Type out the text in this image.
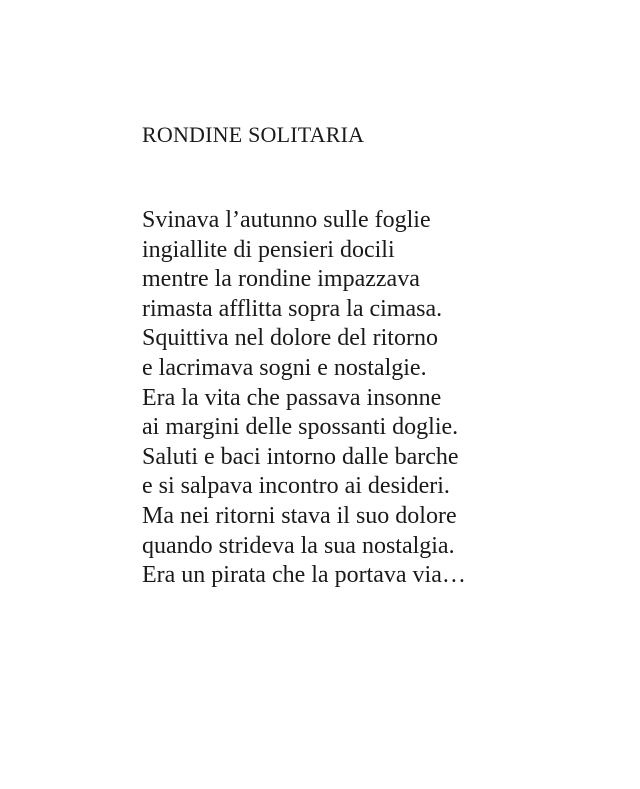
RONDINE SOLITARIA
Svinava l’autunno sulle foglie
ingiallite di pensieri docili
mentre la rondine impazzava
rimasta afflitta sopra la cimasa.
Squittiva nel dolore del ritorno
e lacrimava sogni e nostalgie.
Era la vita che passava insonne
ai margini delle spossanti doglie.
Saluti e baci intorno dalle barche
e si salpava incontro ai desideri.
Ma nei ritorni stava il suo dolore
quando strideva la sua nostalgia.
Era un pirata che la portava via…
